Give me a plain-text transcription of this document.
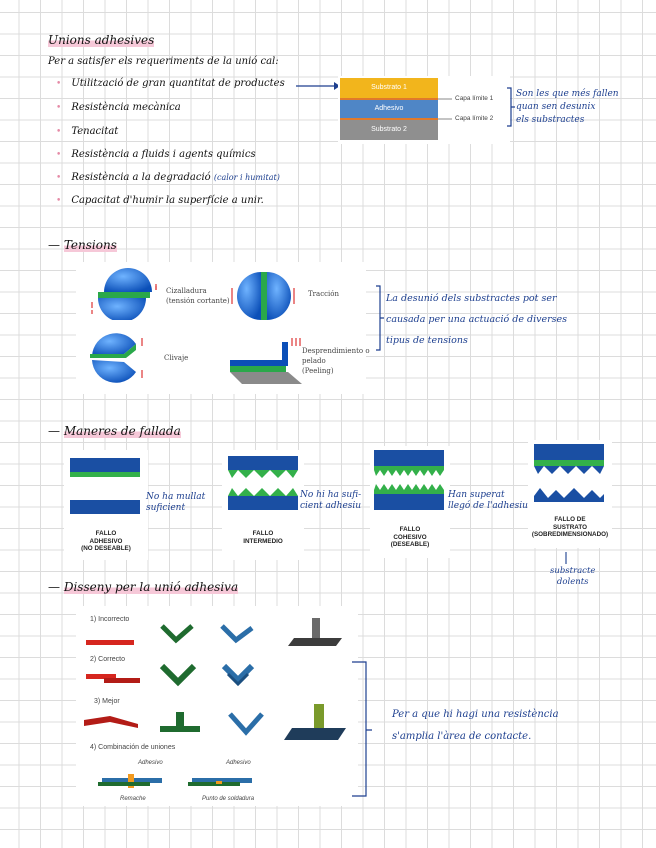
Unions adhesives
Per a satisfer els requeriments de la unió cal:
• Utilització de gran quantitat de productes
• Resistència mecànica
• Tenacitat
• Resistència a fluids i agents químics
• Resistència a la degradació (calor i humitat)
• Capacitat d'humir la superfície a unir.
Substrato 1
Adhesivo
Substrato 2
Capa límite 1
Capa límite 2
Son les que més fallen
quan sen desunix
els substractes
— Tensions
Cizalladura
(tensión cortante)
Tracción
Clivaje
Desprendimiento o
pelado
(Peeling)
La desunió dels substractes pot ser
causada per una actuació de diverses
tipus de tensions
— Maneres de fallada
FALLO
ADHESIVO
(NO DESEABLE)
No ha mullat
suficient
FALLO
INTERMEDIO
No hi ha sufi-
cient adhesiu
FALLO
COHESIVO
(DESEABLE)
Han superat
llegó de l'adhesiu
FALLO DE
SUSTRATO
(SOBREDIMENSIONADO)
substracte
dolents
— Disseny per la unió adhesiva
1) Incorrecto
2) Correcto
3) Mejor
4) Combinación de uniones
Adhesivo	Adhesivo
Remache	Punto de soldadura
Per a que hi hagi una resistència
s'amplia l'àrea de contacte.
